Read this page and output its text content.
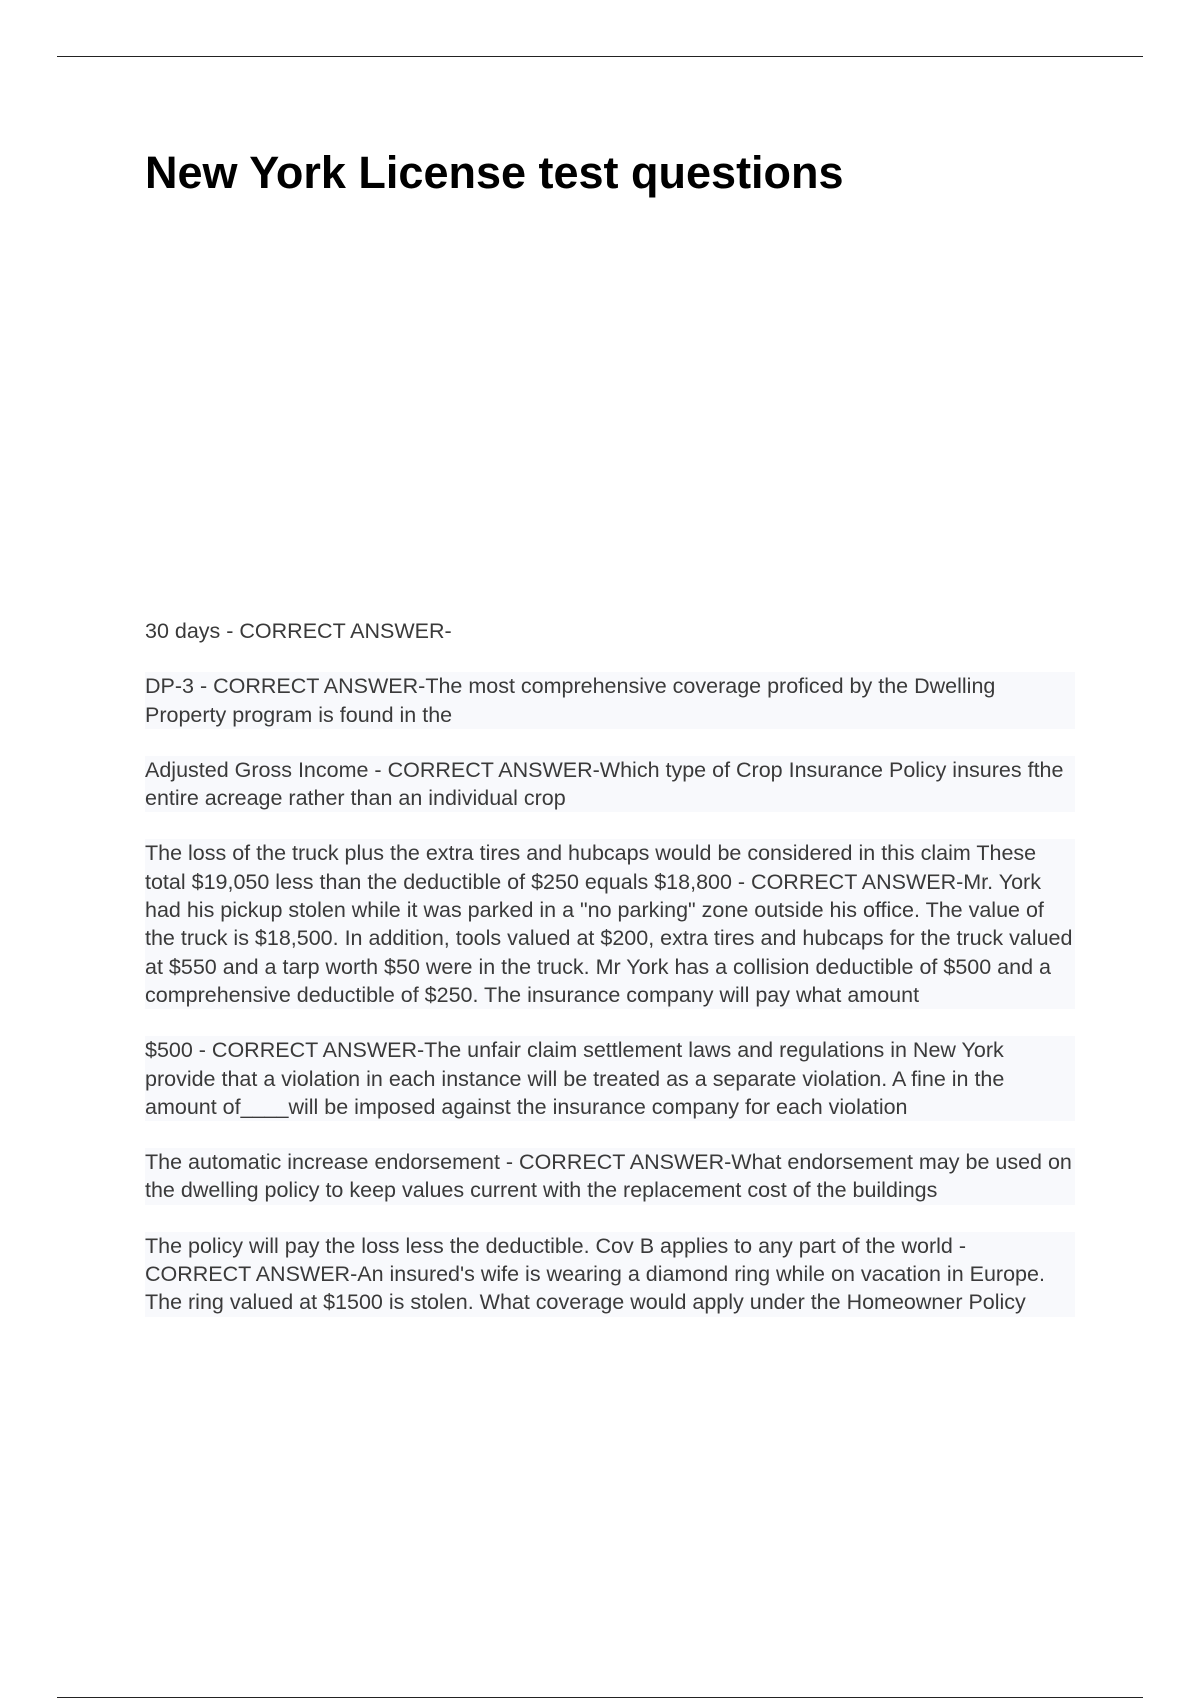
New York License test questions
30 days - CORRECT ANSWER-
DP-3 - CORRECT ANSWER-The most comprehensive coverage proficed by the Dwelling Property program is found in the
Adjusted Gross Income - CORRECT ANSWER-Which type of Crop Insurance Policy insures fthe entire acreage rather than an individual crop
The loss of the truck plus the extra tires and hubcaps would be considered in this claim These total $19,050 less than the deductible of $250 equals $18,800 - CORRECT ANSWER-Mr. York had his pickup stolen while it was parked in a "no parking" zone outside his office. The value of the truck is $18,500. In addition, tools valued at $200, extra tires and hubcaps for the truck valued at $550 and a tarp worth $50 were in the truck. Mr York has a collision deductible of $500 and a comprehensive deductible of $250. The insurance company will pay what amount
$500 - CORRECT ANSWER-The unfair claim settlement laws and regulations in New York provide that a violation in each instance will be treated as a separate violation. A fine in the amount of____will be imposed against the insurance company for each violation
The automatic increase endorsement - CORRECT ANSWER-What endorsement may be used on the dwelling policy to keep values current with the replacement cost of the buildings
The policy will pay the loss less the deductible. Cov B applies to any part of the world - CORRECT ANSWER-An insured's wife is wearing a diamond ring while on vacation in Europe. The ring valued at $1500 is stolen. What coverage would apply under the Homeowner Policy
